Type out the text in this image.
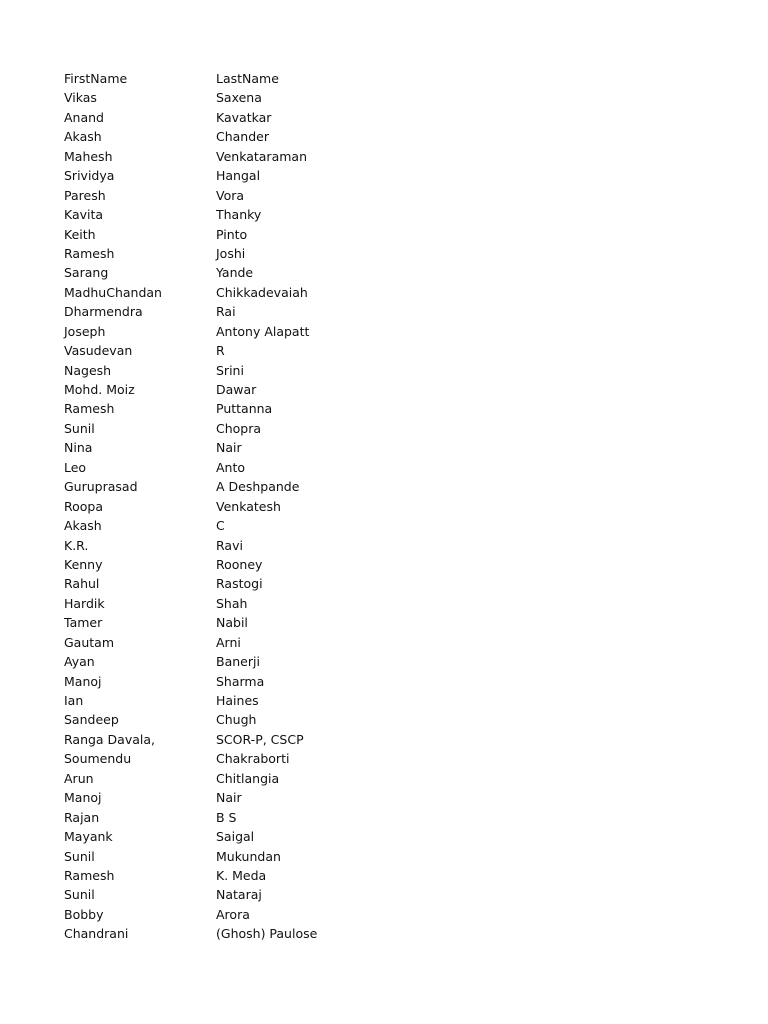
FirstName	LastName
Vikas	Saxena
Anand	Kavatkar
Akash	Chander
Mahesh	Venkataraman
Srividya	Hangal
Paresh	Vora
Kavita	Thanky
Keith	Pinto
Ramesh	Joshi
Sarang	Yande
MadhuChandan	Chikkadevaiah
Dharmendra	Rai
Joseph	Antony Alapatt
Vasudevan	R
Nagesh	Srini
Mohd. Moiz	Dawar
Ramesh	Puttanna
Sunil	Chopra
Nina	Nair
Leo	Anto
Guruprasad	A Deshpande
Roopa	Venkatesh
Akash	C
K.R.	Ravi
Kenny	Rooney
Rahul	Rastogi
Hardik	Shah
Tamer	Nabil
Gautam	Arni
Ayan	Banerji
Manoj	Sharma
Ian	Haines
Sandeep	Chugh
Ranga Davala,	SCOR-P, CSCP
Soumendu	Chakraborti
Arun	Chitlangia
Manoj	Nair
Rajan	B S
Mayank	Saigal
Sunil	Mukundan
Ramesh	K. Meda
Sunil	Nataraj
Bobby	Arora
Chandrani	(Ghosh) Paulose
